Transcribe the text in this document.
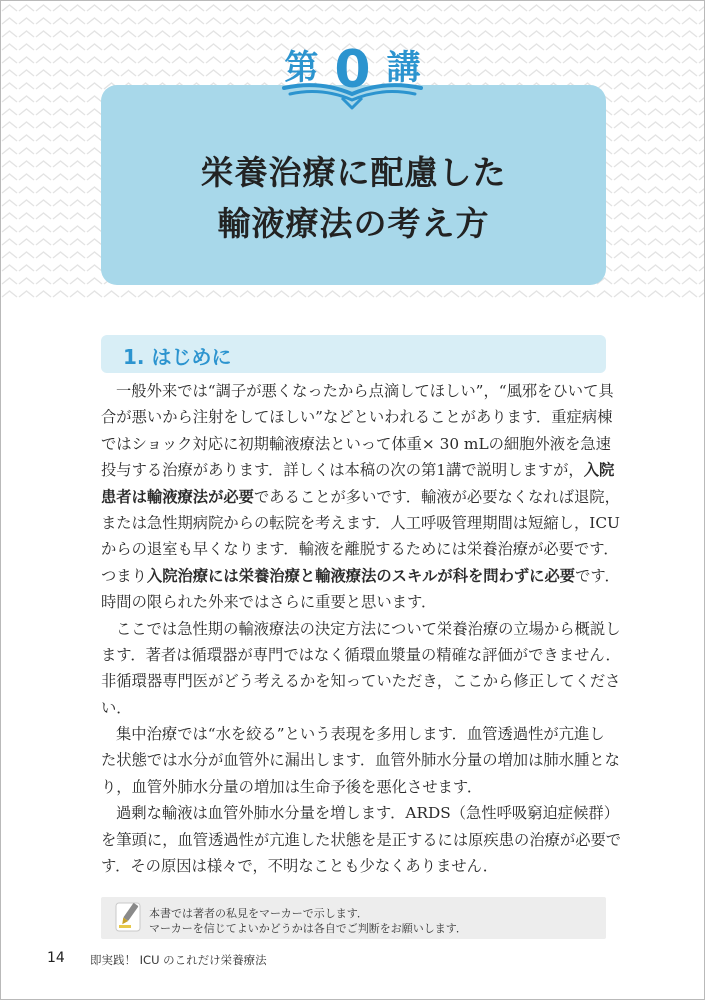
栄養治療に配慮した
輸液療法の考え方
第 0 講
1. はじめに
一般外来では“調子が悪くなったから点滴してほしい”，“風邪をひいて具
合が悪いから注射をしてほしい”などといわれることがあります．重症病棟
ではショック対応に初期輸液療法といって体重× 30 mLの細胞外液を急速
投与する治療があります．詳しくは本稿の次の第1講で説明しますが，入院
患者は輸液療法が必要であることが多いです．輸液が必要なくなれば退院，
または急性期病院からの転院を考えます．人工呼吸管理期間は短縮し，ICU
からの退室も早くなります．輸液を離脱するためには栄養治療が必要です．
つまり入院治療には栄養治療と輸液療法のスキルが科を問わずに必要です．
時間の限られた外来ではさらに重要と思います．
ここでは急性期の輸液療法の決定方法について栄養治療の立場から概説し
ます．著者は循環器が専門ではなく循環血漿量の精確な評価ができません．
非循環器専門医がどう考えるかを知っていただき，ここから修正してくださ
い．
集中治療では“水を絞る”という表現を多用します．血管透過性が亢進し
た状態では水分が血管外に漏出します．血管外肺水分量の増加は肺水腫とな
り，血管外肺水分量の増加は生命予後を悪化させます．
過剰な輸液は血管外肺水分量を増します．ARDS（急性呼吸窮迫症候群）
を筆頭に，血管透過性が亢進した状態を是正するには原疾患の治療が必要で
す．その原因は様々で，不明なことも少なくありません．
本書では著者の私見をマーカーで示します．
マーカーを信じてよいかどうかは各自でご判断をお願いします．
14 即実践！ ICU のこれだけ栄養療法
